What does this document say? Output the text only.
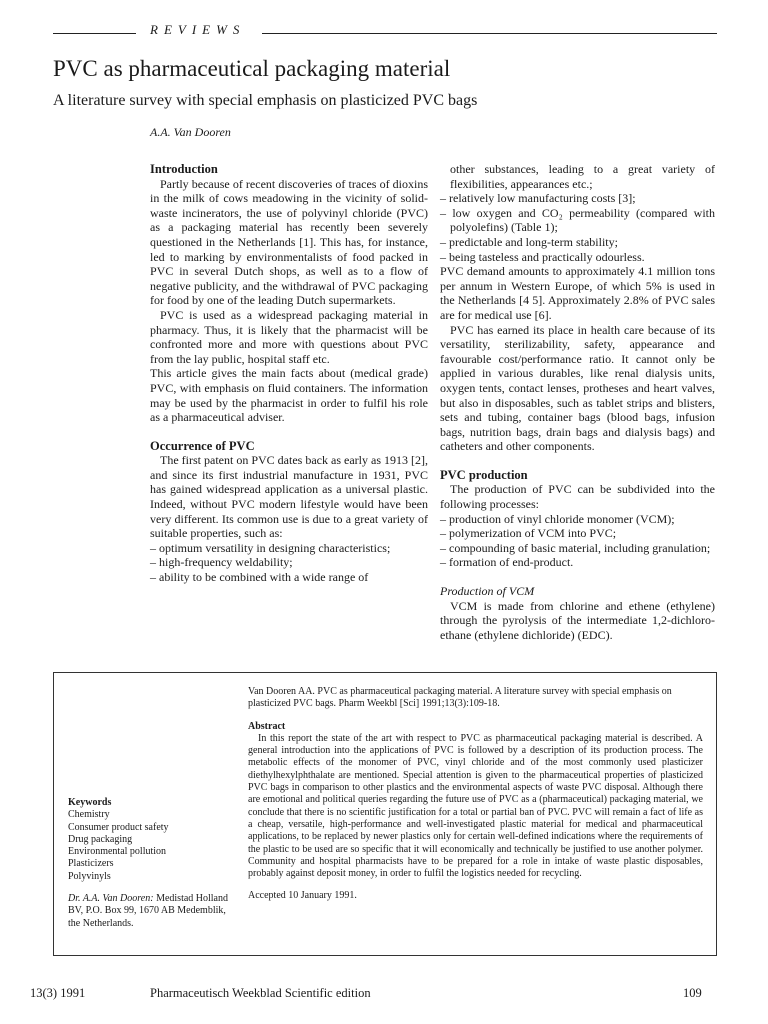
REVIEWS
PVC as pharmaceutical packaging material
A literature survey with special emphasis on plasticized PVC bags
A.A. Van Dooren
Introduction

Partly because of recent discoveries of traces of dioxins in the milk of cows meadowing in the vicinity of solid-waste incinerators, the use of polyvinyl chloride (PVC) as a packaging material has recently been severely questioned in the Netherlands [1]. This has, for instance, led to marking by environmentalists of food packed in PVC in several Dutch shops, as well as to a flow of negative publicity, and the withdrawal of PVC packaging for food by one of the leading Dutch supermarkets.

PVC is used as a widespread packaging material in pharmacy. Thus, it is likely that the pharmacist will be confronted more and more with questions about PVC from the lay public, hospital staff etc.

This article gives the main facts about (medical grade) PVC, with emphasis on fluid containers. The information may be used by the pharmacist in order to fulfil his role as a pharmaceutical adviser.

Occurrence of PVC

The first patent on PVC dates back as early as 1913 [2], and since its first industrial manufacture in 1931, PVC has gained widespread application as a universal plastic. Indeed, without PVC modern lifestyle would have been very different. Its common use is due to a great variety of suitable properties, such as:

– optimum versatility in designing characteristics;
– high-frequency weldability;
– ability to be combined with a wide range of

other substances, leading to a great variety of flexibilities, appearances etc.;

– relatively low manufacturing costs [3];
– low oxygen and CO₂ permeability (compared with polyolefins) (Table 1);
– predictable and long-term stability;
– being tasteless and practically odourless.

PVC demand amounts to approximately 4.1 million tons per annum in Western Europe, of which 5% is used in the Netherlands [4 5]. Approximately 2.8% of PVC sales are for medical use [6].

PVC has earned its place in health care because of its versatility, sterilizability, safety, appearance and favourable cost/performance ratio. It cannot only be applied in various durables, like renal dialysis units, oxygen tents, contact lenses, protheses and heart valves, but also in disposables, such as tablet strips and blisters, sets and tubing, container bags (blood bags, infusion bags, nutrition bags, drain bags and dialysis bags) and catheters and other components.

PVC production

The production of PVC can be subdivided into the following processes:

– production of vinyl chloride monomer (VCM);
– polymerization of VCM into PVC;
– compounding of basic material, including granulation;
– formation of end-product.
Production of VCM

VCM is made from chlorine and ethene (ethylene) through the pyrolysis of the intermediate 1,2-dichloro-ethane (ethylene dichloride) (EDC).

Keywords
Chemistry
Consumer product safety
Drug packaging
Environmental pollution
Plasticizers
Polyvinyls
Dr. A.A. Van Dooren: Medistad Holland BV, P.O. Box 99, 1670 AB Medemblik, the Netherlands.
Van Dooren AA. PVC as pharmaceutical packaging material. A literature survey with special emphasis on plasticized PVC bags. Pharm Weekbl [Sci] 1991;13(3):109-18.
Abstract

In this report the state of the art with respect to PVC as pharmaceutical packaging material is described. A general introduction into the applications of PVC is followed by a description of its production process. The metabolic effects of the monomer of PVC, vinyl chloride and of the most commonly used plasticizer diethylhexylphthalate are mentioned. Special attention is given to the pharmaceutical properties of plasticized PVC bags in comparison to other plastics and the environmental aspects of waste PVC disposal. Although there are emotional and political queries regarding the future use of PVC as a (pharmaceutical) packaging material, we conclude that there is no scientific justification for a total or partial ban of PVC. PVC will remain a fact of life as a cheap, versatile, high-performance and well-investigated plastic material for medical and pharmaceutical applications, to be replaced by newer plastics only for certain well-defined indications where the requirements of the plastic to be used are so specific that it will economically and technically be justified to use another polymer. Community and hospital pharmacists have to be prepared for a role in intake of waste plastic disposables, probably against deposit money, in order to fulfil the logistics needed for recycling.

Accepted 10 January 1991.
13(3) 1991	Pharmaceutisch Weekblad Scientific edition	109
